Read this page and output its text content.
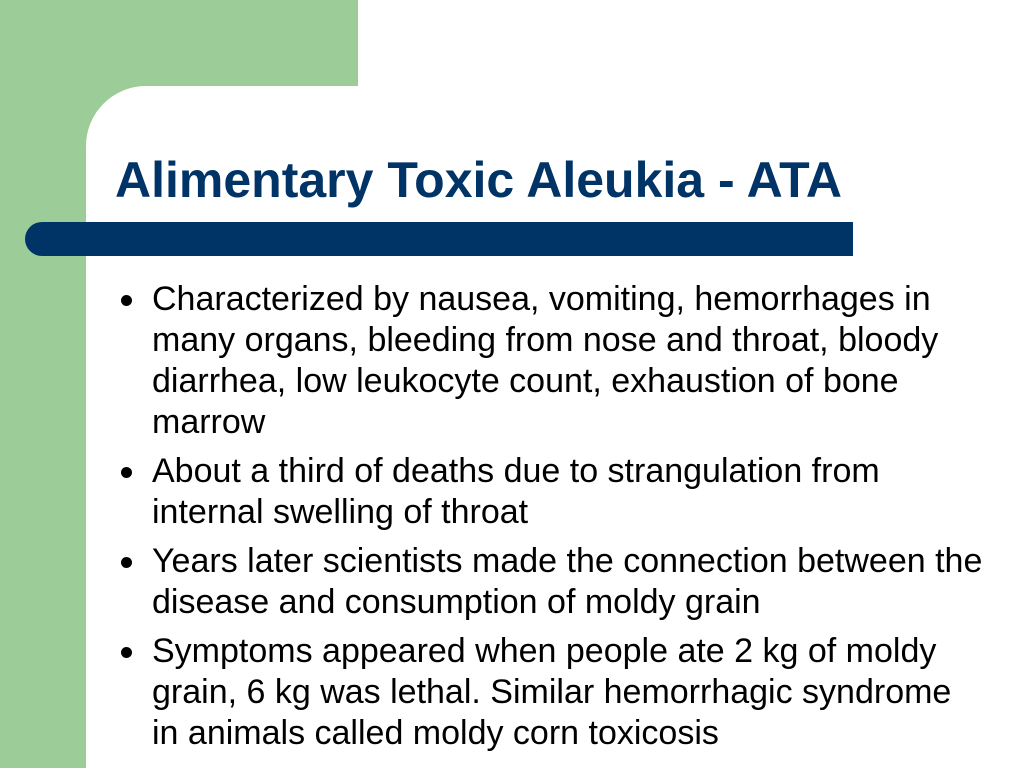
Alimentary Toxic Aleukia - ATA
Characterized by nausea, vomiting, hemorrhages in
many organs, bleeding from nose and throat, bloody
diarrhea, low leukocyte count, exhaustion of bone
marrow
About a third of deaths due to strangulation from
internal swelling of throat
Years later scientists made the connection between the
disease and consumption of moldy grain
Symptoms appeared when people ate 2 kg of moldy
grain, 6 kg was lethal. Similar hemorrhagic syndrome
in animals called moldy corn toxicosis
